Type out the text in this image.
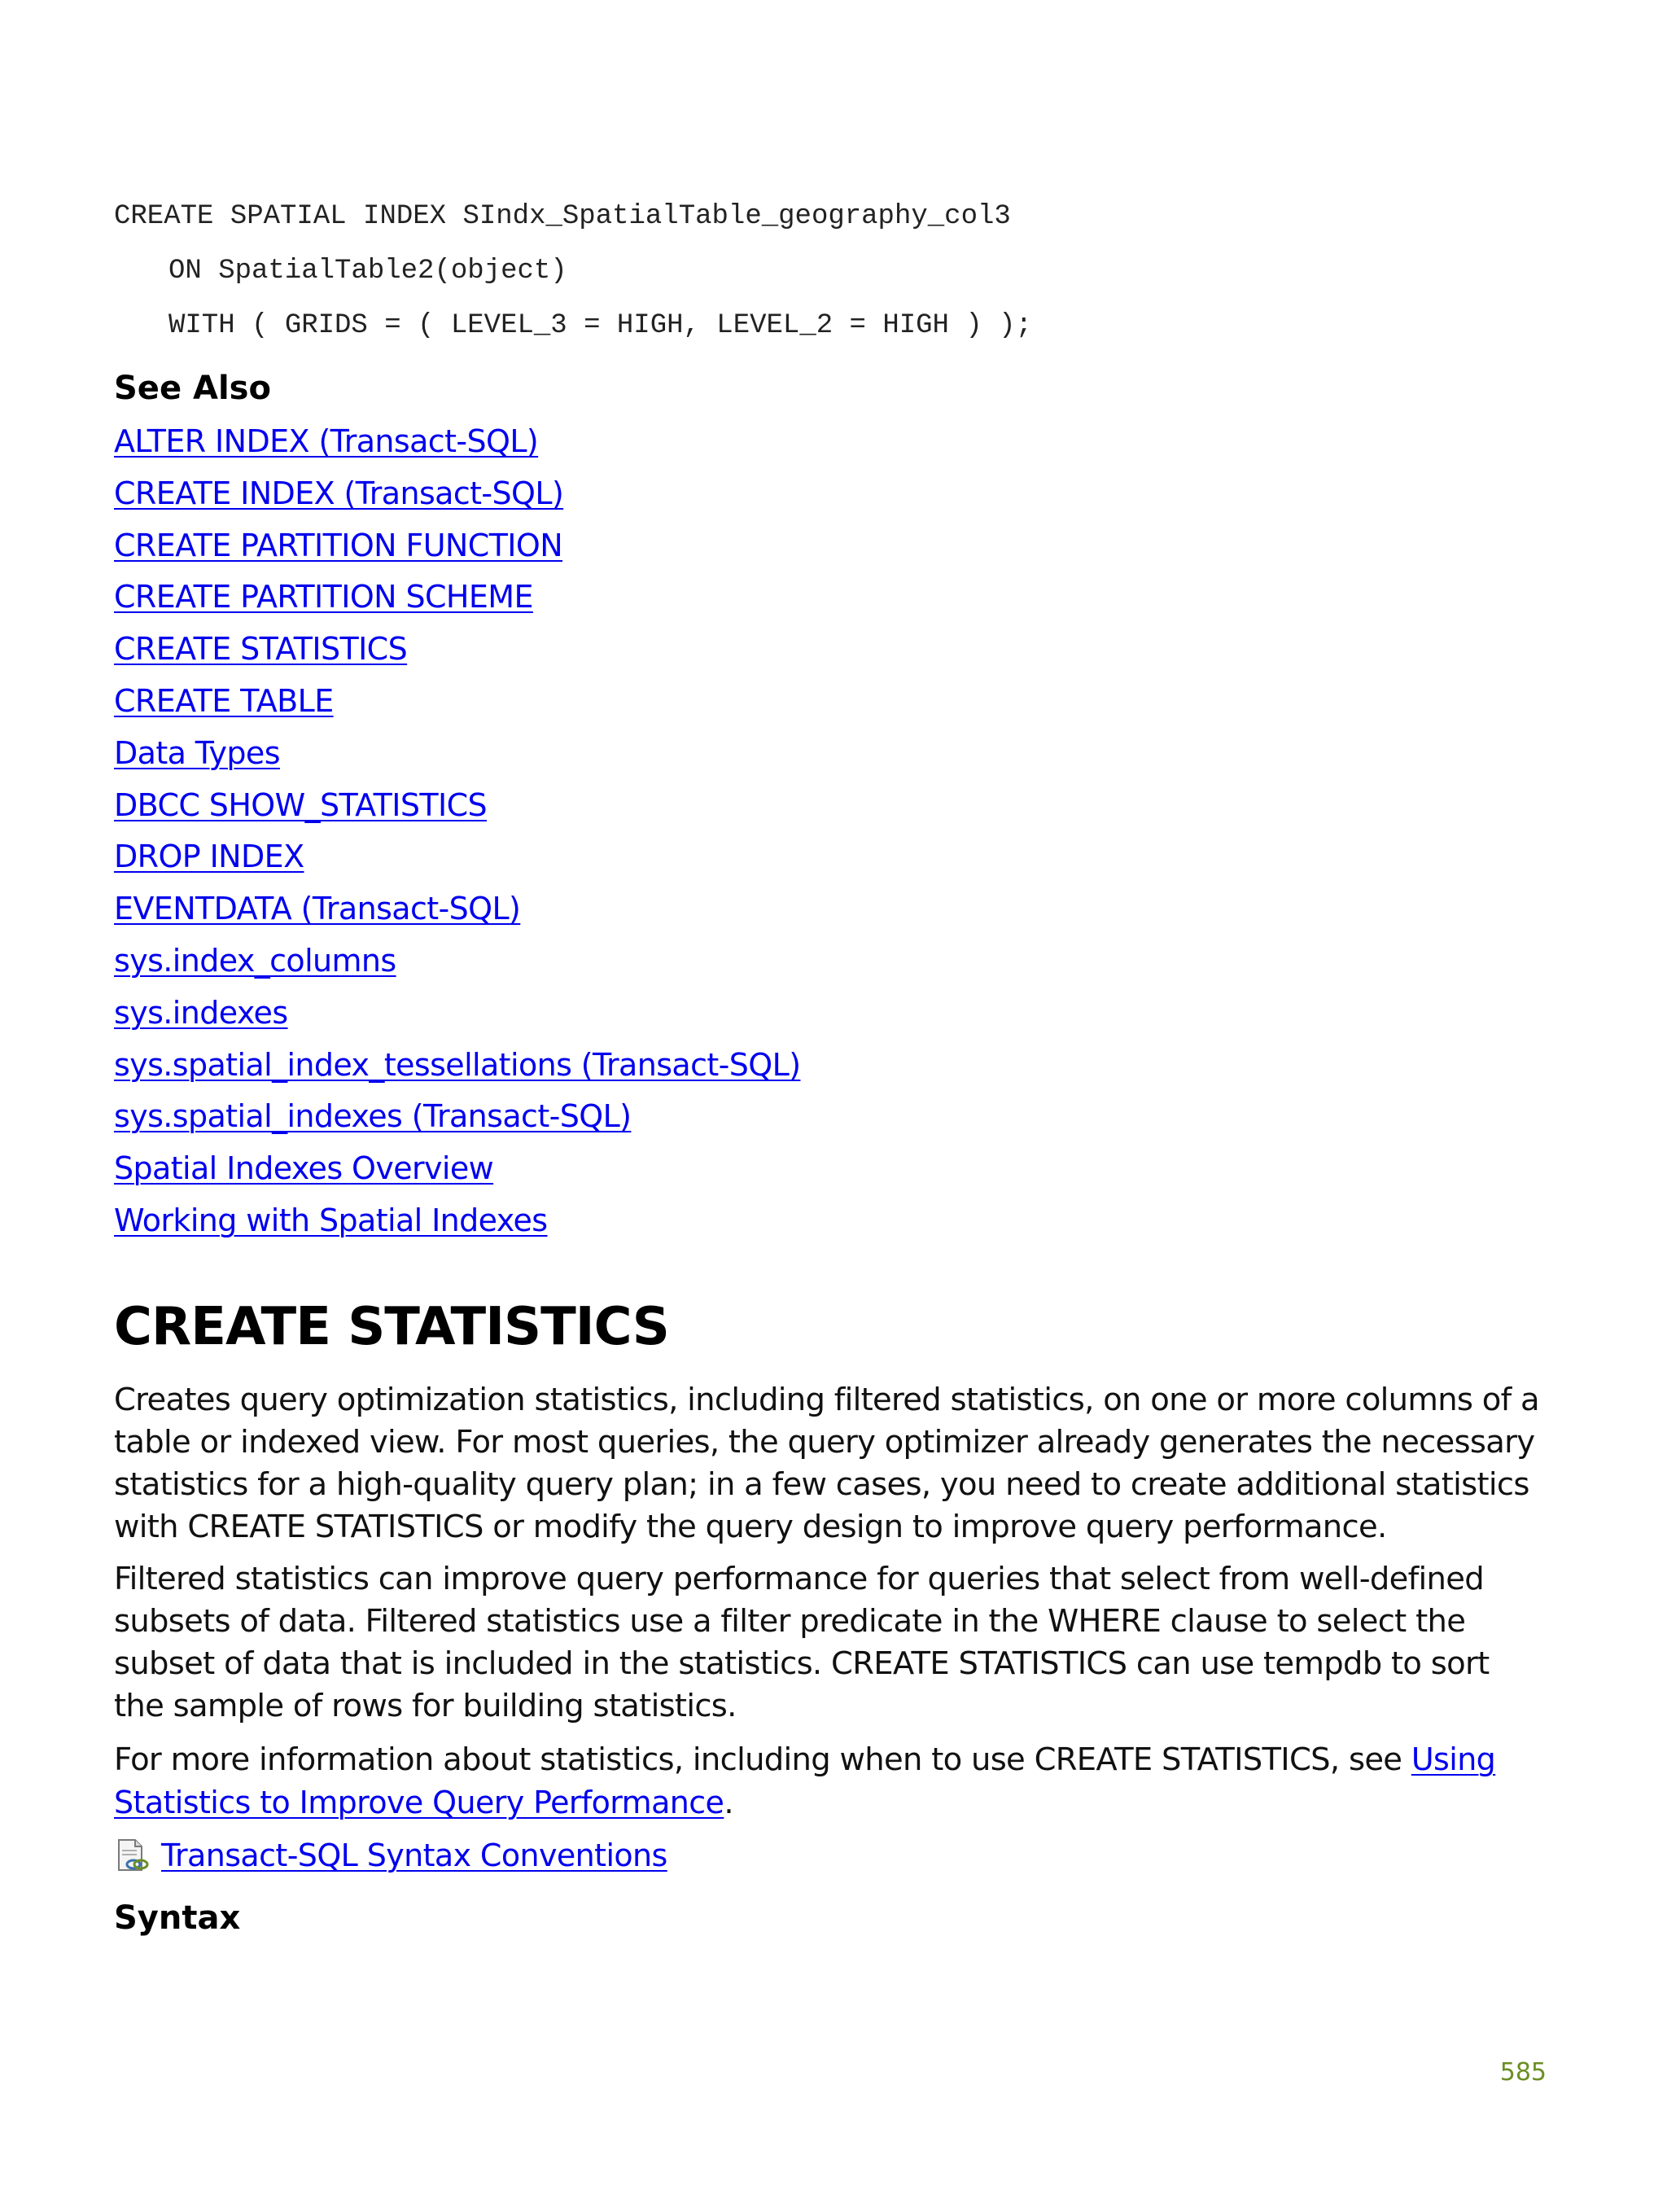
CREATE SPATIAL INDEX SIndx_SpatialTable_geography_col3
ON SpatialTable2(object)
WITH ( GRIDS = ( LEVEL_3 = HIGH, LEVEL_2 = HIGH ) );
See Also
ALTER INDEX (Transact-SQL)
CREATE INDEX (Transact-SQL)
CREATE PARTITION FUNCTION
CREATE PARTITION SCHEME
CREATE STATISTICS
CREATE TABLE
Data Types
DBCC SHOW_STATISTICS
DROP INDEX
EVENTDATA (Transact-SQL)
sys.index_columns
sys.indexes
sys.spatial_index_tessellations (Transact-SQL)
sys.spatial_indexes (Transact-SQL)
Spatial Indexes Overview
Working with Spatial Indexes
CREATE STATISTICS

Creates query optimization statistics, including filtered statistics, on one or more columns of a table or indexed view. For most queries, the query optimizer already generates the necessary statistics for a high-quality query plan; in a few cases, you need to create additional statistics with CREATE STATISTICS or modify the query design to improve query performance.

Filtered statistics can improve query performance for queries that select from well-defined subsets of data. Filtered statistics use a filter predicate in the WHERE clause to select the subset of data that is included in the statistics. CREATE STATISTICS can use tempdb to sort the sample of rows for building statistics.

For more information about statistics, including when to use CREATE STATISTICS, see Using Statistics to Improve Query Performance.

Transact-SQL Syntax Conventions
Syntax
585
